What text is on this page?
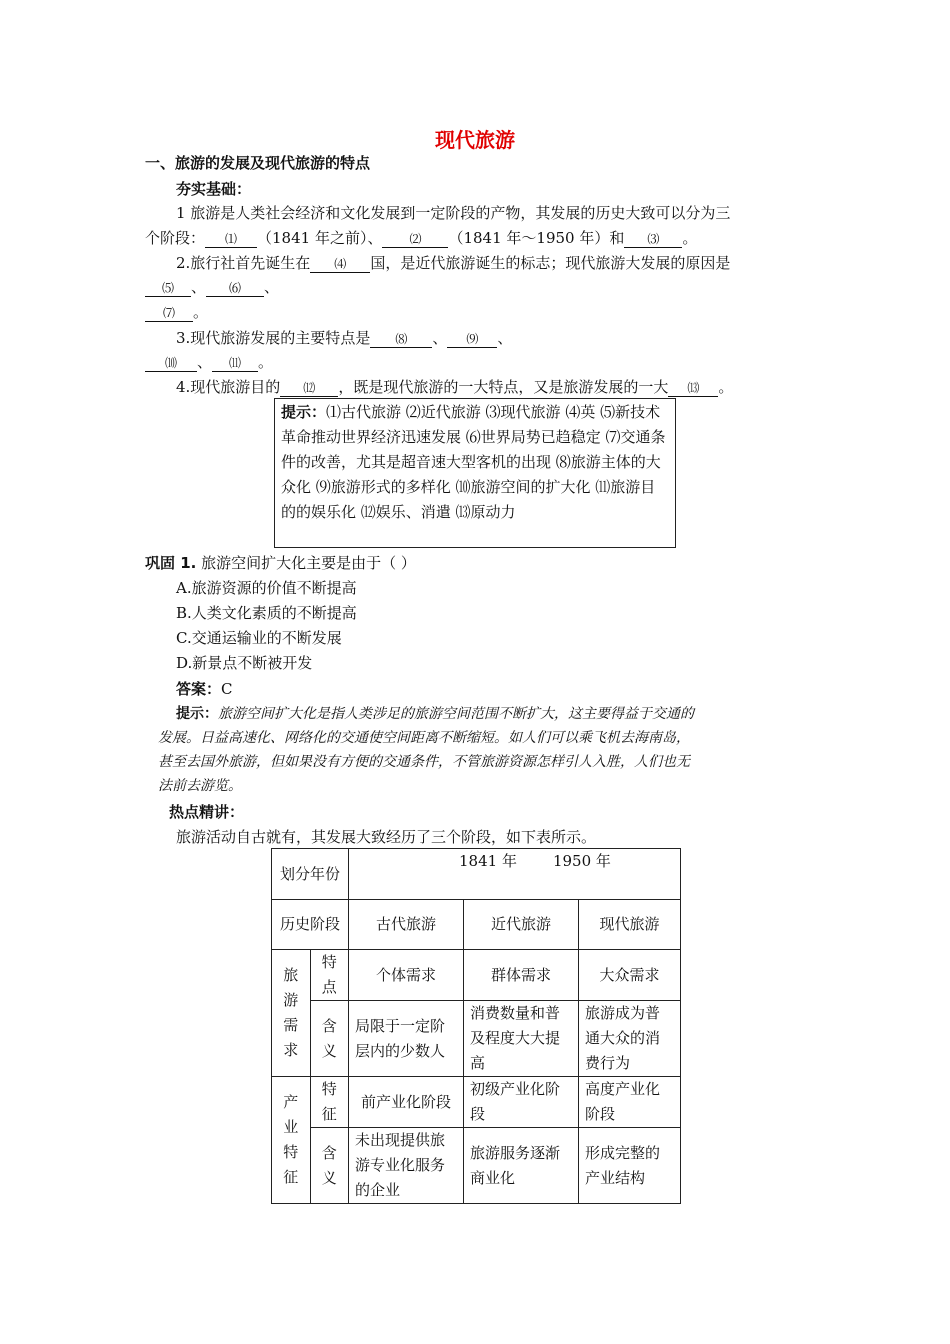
现代旅游
一、旅游的发展及现代旅游的特点
夯实基础：
1 旅游是人类社会经济和文化发展到一定阶段的产物，其发展的历史大致可以分为三
个阶段： ⑴ （1841 年之前）、 ⑵ （1841 年～1950 年）和 ⑶ 。
2.旅行社首先诞生在 ⑷ 国，是近代旅游诞生的标志；现代旅游大发展的原因是
⑸ 、 ⑹ 、
⑺ 。
3.现代旅游发展的主要特点是 ⑻ 、 ⑼ 、
⑽ 、 ⑾ 。
4.现代旅游目的 ⑿ ，既是现代旅游的一大特点，又是旅游发展的一大 ⒀ 。
提示：⑴古代旅游 ⑵近代旅游 ⑶现代旅游 ⑷英 ⑸新技术革命推动世界经济迅速发展 ⑹世界局势已趋稳定 ⑺交通条件的改善，尤其是超音速大型客机的出现 ⑻旅游主体的大众化 ⑼旅游形式的多样化 ⑽旅游空间的扩大化 ⑾旅游目的的娱乐化 ⑿娱乐、消遣 ⒀原动力
巩固 1. 旅游空间扩大化主要是由于（ ）
A.旅游资源的价值不断提高
B.人类文化素质的不断提高
C.交通运输业的不断发展
D.新景点不断被开发
答案：C
提示：旅游空间扩大化是指人类涉足的旅游空间范围不断扩大，这主要得益于交通的
发展。日益高速化、网络化的交通使空间距离不断缩短。如人们可以乘飞机去海南岛，
甚至去国外旅游，但如果没有方便的交通条件，不管旅游资源怎样引人入胜，人们也无
法前去游览。
热点精讲：
旅游活动自古就有，其发展大致经历了三个阶段，如下表所示。
划分年份		1841 年 1950 年		
历史阶段		古代旅游	近代旅游	现代旅游
旅游需求	特点	个体需求	群体需求	大众需求
	含义	局限于一定阶层内的少数人	消费数量和普及程度大大提高	旅游成为普通大众的消费行为
产业特征	特征	前产业化阶段	初级产业化阶段	高度产业化阶段
	含义	未出现提供旅游专业化服务的企业	旅游服务逐渐商业化	形成完整的产业结构
